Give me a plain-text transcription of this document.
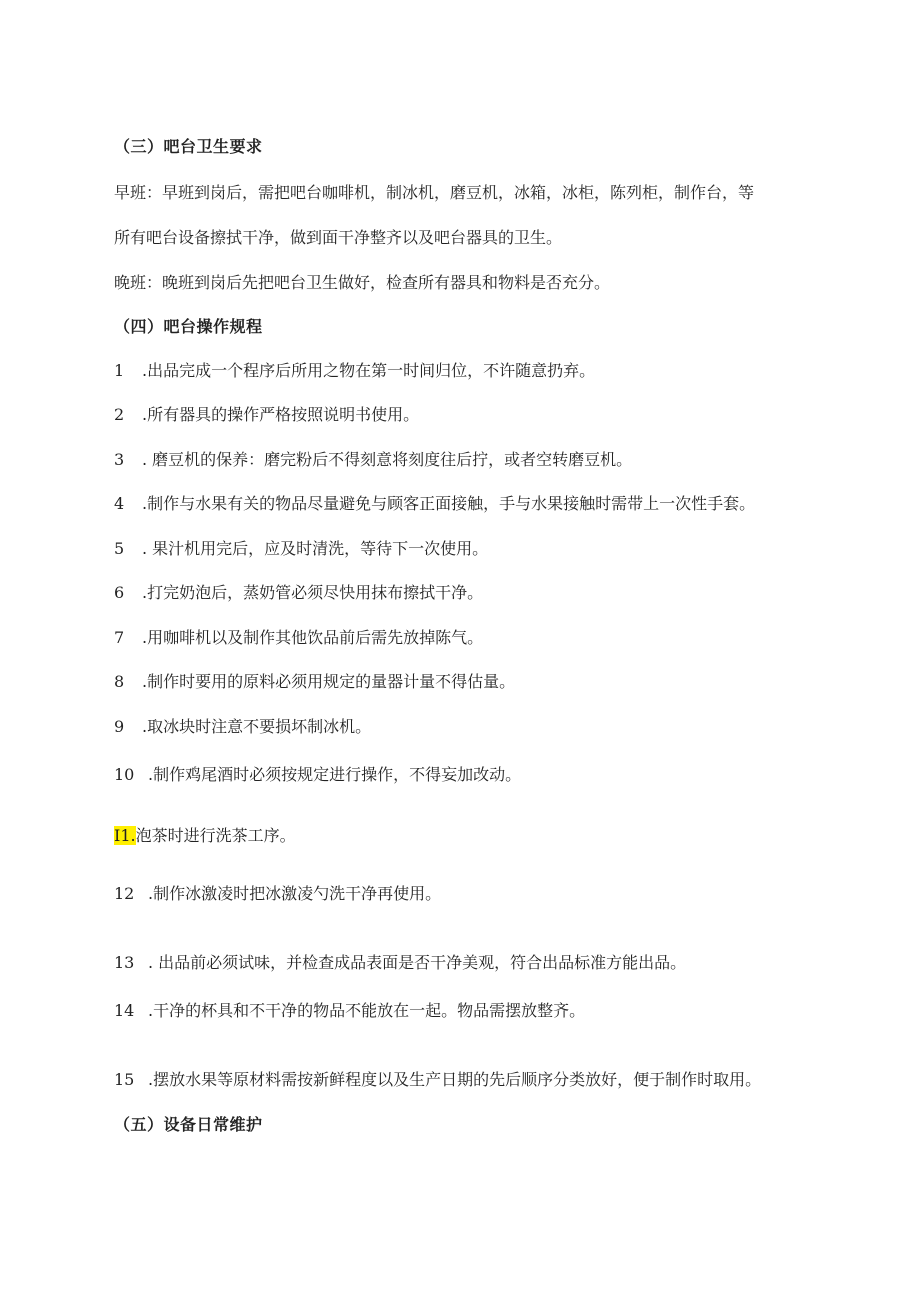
（三）吧台卫生要求
早班：早班到岗后，需把吧台咖啡机，制冰机，磨豆机，冰箱，冰柜，陈列柜，制作台，等
所有吧台设备擦拭干净，做到面干净整齐以及吧台器具的卫生。
晚班：晚班到岗后先把吧台卫生做好，检查所有器具和物料是否充分。
（四）吧台操作规程
1 .出品完成一个程序后所用之物在第一时间归位，不许随意扔弃。
2 .所有器具的操作严格按照说明书使用。
3 . 磨豆机的保养：磨完粉后不得刻意将刻度往后拧，或者空转磨豆机。
4 .制作与水果有关的物品尽量避免与顾客正面接触，手与水果接触时需带上一次性手套。
5 . 果汁机用完后，应及时清洗，等待下一次使用。
6 .打完奶泡后，蒸奶管必须尽快用抹布擦拭干净。
7 .用咖啡机以及制作其他饮品前后需先放掉陈气。
8 .制作时要用的原料必须用规定的量器计量不得估量。
9 .取冰块时注意不要损坏制冰机。
10 .制作鸡尾酒时必须按规定进行操作，不得妄加改动。
I1.泡茶时进行洗茶工序。
12 .制作冰激凌时把冰激凌勺洗干净再使用。
13 . 出品前必须试味，并检查成品表面是否干净美观，符合出品标准方能出品。
14 .干净的杯具和不干净的物品不能放在一起。物品需摆放整齐。
15 .摆放水果等原材料需按新鲜程度以及生产日期的先后顺序分类放好，便于制作时取用。
（五）设备日常维护
